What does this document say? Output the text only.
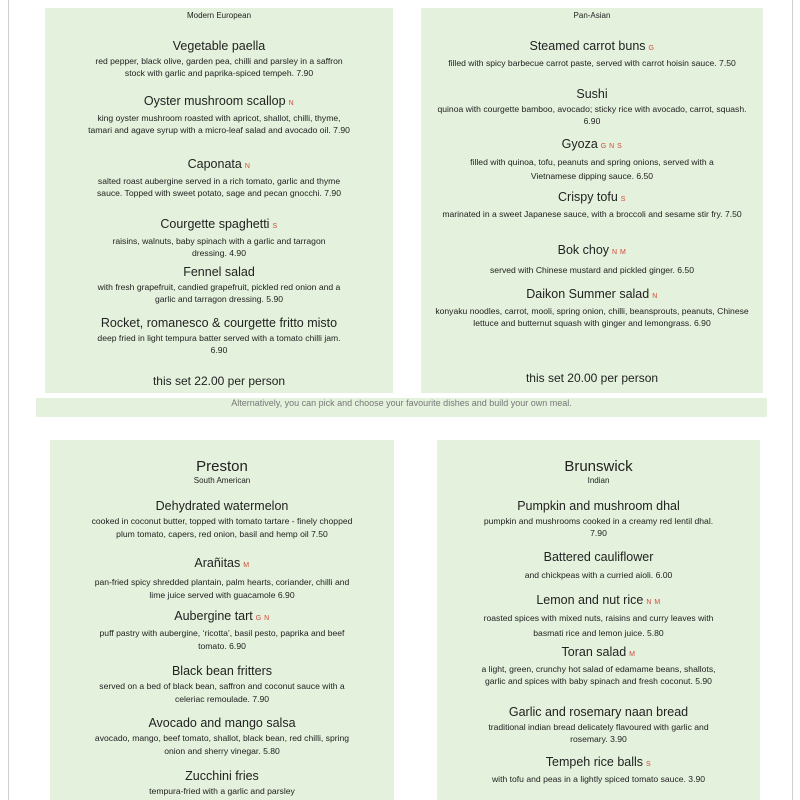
Modern European
Vegetable paella
red pepper, black olive, garden pea, chilli and parsley in a saffron stock with garlic and paprika-spiced tempeh. 7.90
Oyster mushroom scallop N
king oyster mushroom roasted with apricot, shallot, chilli, thyme, tamari and agave syrup with a micro-leaf salad and avocado oil. 7.90
Caponata N
salted roast aubergine served in a rich tomato, garlic and thyme sauce. Topped with sweet potato, sage and pecan gnocchi. 7.90
Courgette spaghetti S
raisins, walnuts, baby spinach with a garlic and tarragon dressing. 4.90
Fennel salad
with fresh grapefruit, candied grapefruit, pickled red onion and a garlic and tarragon dressing. 5.90
Rocket, romanesco & courgette fritto misto
deep fried in light tempura batter served with a tomato chilli jam. 6.90
this set 22.00 per person
Pan-Asian
Steamed carrot buns G
filled with spicy barbecue carrot paste, served with carrot hoisin sauce. 7.50
Sushi
quinoa with courgette bamboo, avocado; sticky rice with avocado, carrot, squash. 6.90
Gyoza G N S
filled with quinoa, tofu, peanuts and spring onions, served with a Vietnamese dipping sauce. 6.50
Crispy tofu S
marinated in a sweet Japanese sauce, with a broccoli and sesame stir fry. 7.50
Bok choy N M
served with Chinese mustard and pickled ginger. 6.50
Daikon Summer salad N
konyaku noodles, carrot, mooli, spring onion, chilli, beansprouts, peanuts, Chinese lettuce and butternut squash with ginger and lemongrass. 6.90
this set 20.00 per person
Alternatively, you can pick and choose your favourite dishes and build your own meal.
Preston
South American
Dehydrated watermelon
cooked in coconut butter, topped with tomato tartare - finely chopped plum tomato, capers, red onion, basil and hemp oil 7.50
Arañitas M
pan-fried spicy shredded plantain, palm hearts, coriander, chilli and lime juice served with guacamole 6.90
Aubergine tart G N
puff pastry with aubergine, ‘ricotta’, basil pesto, paprika and beef tomato. 6.90
Black bean fritters
served on a bed of black bean, saffron and coconut sauce with a celeriac remoulade. 7.90
Avocado and mango salsa
avocado, mango, beef tomato, shallot, black bean, red chilli, spring onion and sherry vinegar. 5.80
Zucchini fries
tempura-fried with a garlic and parsley
Brunswick
Indian
Pumpkin and mushroom dhal
pumpkin and mushrooms cooked in a creamy red lentil dhal. 7.90
Battered cauliflower
and chickpeas with a curried aioli. 6.00
Lemon and nut rice N M
roasted spices with mixed nuts, raisins and curry leaves with basmati rice and lemon juice. 5.80
Toran salad M
a light, green, crunchy hot salad of edamame beans, shallots, garlic and spices with baby spinach and fresh coconut. 5.90
Garlic and rosemary naan bread
traditional indian bread delicately flavoured with garlic and rosemary. 3.90
Tempeh rice balls S
with tofu and peas in a lightly spiced tomato sauce. 3.90
